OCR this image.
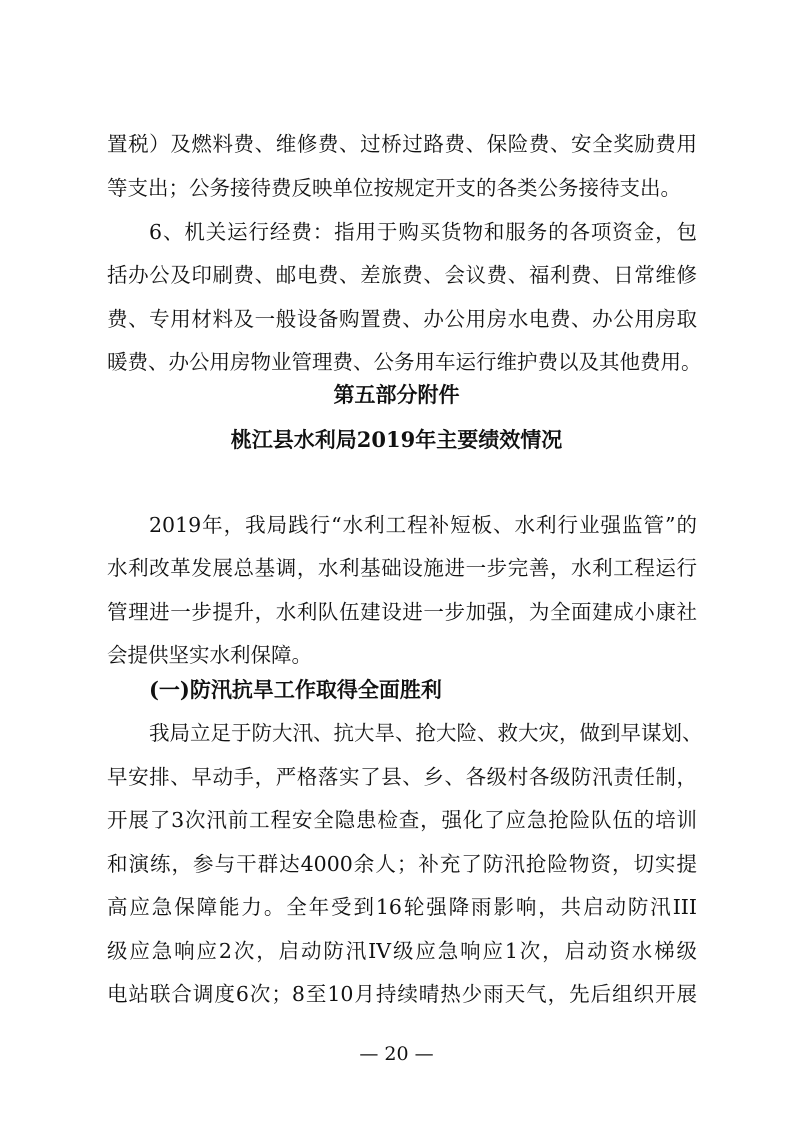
置税）及燃料费、维修费、过桥过路费、保险费、安全奖励费用
等支出；公务接待费反映单位按规定开支的各类公务接待支出。
6、机关运行经费：指用于购买货物和服务的各项资金，包
括办公及印刷费、邮电费、差旅费、会议费、福利费、日常维修
费、专用材料及一般设备购置费、办公用房水电费、办公用房取
暖费、办公用房物业管理费、公务用车运行维护费以及其他费用。
第五部分附件
桃江县水利局2019年主要绩效情况
2019年，我局践行“水利工程补短板、水利行业强监管”的
水利改革发展总基调，水利基础设施进一步完善，水利工程运行
管理进一步提升，水利队伍建设进一步加强，为全面建成小康社
会提供坚实水利保障。
(一)防汛抗旱工作取得全面胜利
我局立足于防大汛、抗大旱、抢大险、救大灾，做到早谋划、
早安排、早动手，严格落实了县、乡、各级村各级防汛责任制，
开展了3次汛前工程安全隐患检查，强化了应急抢险队伍的培训
和演练，参与干群达4000余人；补充了防汛抢险物资，切实提
高应急保障能力。全年受到16轮强降雨影响，共启动防汛III
级应急响应2次，启动防汛IV级应急响应1次，启动资水梯级
电站联合调度6次；8至10月持续晴热少雨天气，先后组织开展
— 20 —
